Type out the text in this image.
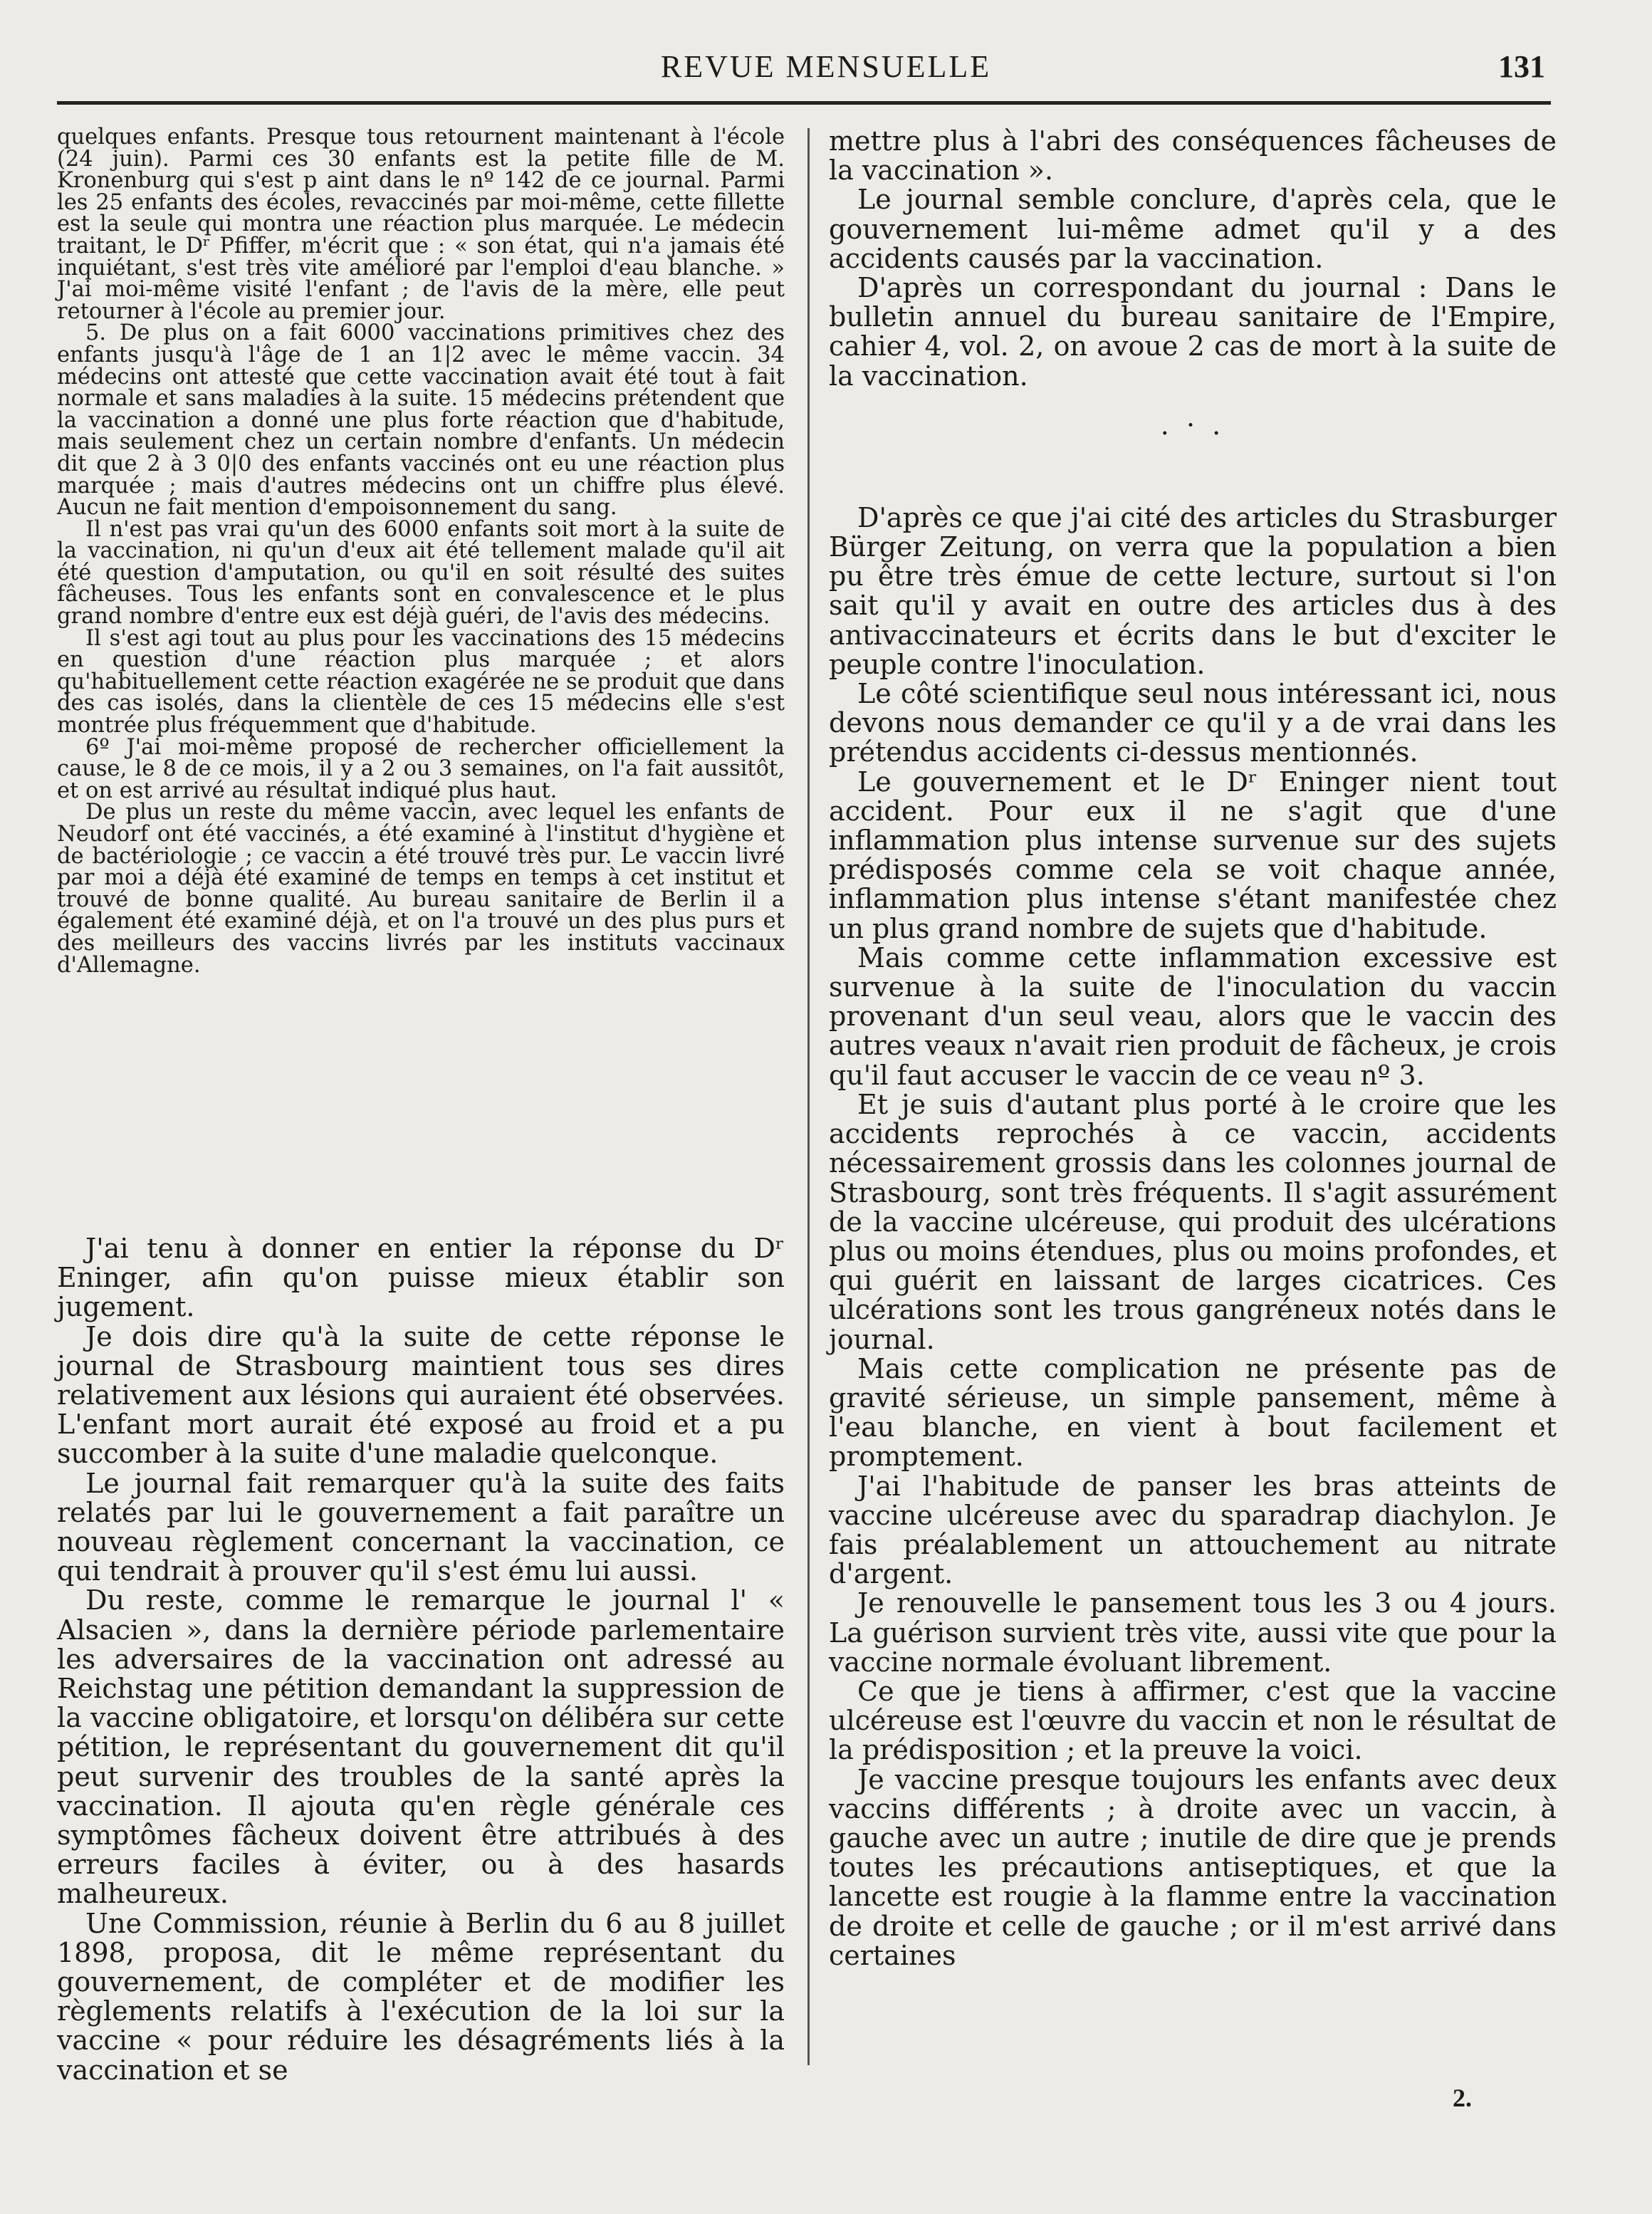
REVUE MENSUELLE	131

quelques enfants. Presque tous retournent maintenant à l'école (24 juin). Parmi ces 30 enfants est la petite fille de M. Kronenburg qui s'est p aint dans le nº 142 de ce journal. Parmi les 25 enfants des écoles, revaccinés par moi-même, cette fillette est la seule qui montra une réaction plus marquée. Le médecin traitant, le Dʳ Pfiffer, m'écrit que : « son état, qui n'a jamais été inquiétant, s'est très vite amélioré par l'emploi d'eau blanche. » J'ai moi-même visité l'enfant ; de l'avis de la mère, elle peut retourner à l'école au premier jour.

5. De plus on a fait 6000 vaccinations primitives chez des enfants jusqu'à l'âge de 1 an 1|2 avec le même vaccin. 34 médecins ont attesté que cette vaccination avait été tout à fait normale et sans maladies à la suite. 15 médecins prétendent que la vaccination a donné une plus forte réaction que d'habitude, mais seulement chez un certain nombre d'enfants. Un médecin dit que 2 à 3 0|0 des enfants vaccinés ont eu une réaction plus marquée ; mais d'autres médecins ont un chiffre plus élevé. Aucun ne fait mention d'empoisonnement du sang.

Il n'est pas vrai qu'un des 6000 enfants soit mort à la suite de la vaccination, ni qu'un d'eux ait été tellement malade qu'il ait été question d'amputation, ou qu'il en soit résulté des suites fâcheuses. Tous les enfants sont en convalescence et le plus grand nombre d'entre eux est déjà guéri, de l'avis des médecins.

Il s'est agi tout au plus pour les vaccinations des 15 médecins en question d'une réaction plus marquée ; et alors qu'habituellement cette réaction exagérée ne se produit que dans des cas isolés, dans la clientèle de ces 15 médecins elle s'est montrée plus fréquemment que d'habitude.

6º J'ai moi-même proposé de rechercher officiellement la cause, le 8 de ce mois, il y a 2 ou 3 semaines, on l'a fait aussitôt, et on est arrivé au résultat indiqué plus haut.

De plus un reste du même vaccin, avec lequel les enfants de Neudorf ont été vaccinés, a été examiné à l'institut d'hygiène et de bactériologie ; ce vaccin a été trouvé très pur. Le vaccin livré par moi a déjà été examiné de temps en temps à cet institut et trouvé de bonne qualité. Au bureau sanitaire de Berlin il a également été examiné déjà, et on l'a trouvé un des plus purs et des meilleurs des vaccins livrés par les instituts vaccinaux d'Allemagne.

J'ai tenu à donner en entier la réponse du Dʳ Eninger, afin qu'on puisse mieux établir son jugement.

Je dois dire qu'à la suite de cette réponse le journal de Strasbourg maintient tous ses dires relativement aux lésions qui auraient été observées. L'enfant mort aurait été exposé au froid et a pu succomber à la suite d'une maladie quelconque.

Le journal fait remarquer qu'à la suite des faits relatés par lui le gouvernement a fait paraître un nouveau règlement concernant la vaccination, ce qui tendrait à prouver qu'il s'est ému lui aussi.

Du reste, comme le remarque le journal l' « Alsacien », dans la dernière période parlementaire les adversaires de la vaccination ont adressé au Reichstag une pétition demandant la suppression de la vaccine obligatoire, et lorsqu'on délibéra sur cette pétition, le représentant du gouvernement dit qu'il peut survenir des troubles de la santé après la vaccination. Il ajouta qu'en règle générale ces symptômes fâcheux doivent être attribués à des erreurs faciles à éviter, ou à des hasards malheureux.

Une Commission, réunie à Berlin du 6 au 8 juillet 1898, proposa, dit le même représentant du gouvernement, de compléter et de modifier les règlements relatifs à l'exécution de la loi sur la vaccine « pour réduire les désagréments liés à la vaccination et se

mettre plus à l'abri des conséquences fâcheuses de la vaccination ».

Le journal semble conclure, d'après cela, que le gouvernement lui-même admet qu'il y a des accidents causés par la vaccination.

D'après un correspondant du journal : Dans le bulletin annuel du bureau sanitaire de l'Empire, cahier 4, vol. 2, on avoue 2 cas de mort à la suite de la vaccination.

. · .

D'après ce que j'ai cité des articles du Strasburger Bürger Zeitung, on verra que la population a bien pu être très émue de cette lecture, surtout si l'on sait qu'il y avait en outre des articles dus à des antivaccinateurs et écrits dans le but d'exciter le peuple contre l'inoculation.

Le côté scientifique seul nous intéressant ici, nous devons nous demander ce qu'il y a de vrai dans les prétendus accidents ci-dessus mentionnés.

Le gouvernement et le Dʳ Eninger nient tout accident. Pour eux il ne s'agit que d'une inflammation plus intense survenue sur des sujets prédisposés comme cela se voit chaque année, inflammation plus intense s'étant manifestée chez un plus grand nombre de sujets que d'habitude.

Mais comme cette inflammation excessive est survenue à la suite de l'inoculation du vaccin provenant d'un seul veau, alors que le vaccin des autres veaux n'avait rien produit de fâcheux, je crois qu'il faut accuser le vaccin de ce veau nº 3.

Et je suis d'autant plus porté à le croire que les accidents reprochés à ce vaccin, accidents nécessairement grossis dans les colonnes journal de Strasbourg, sont très fréquents. Il s'agit assurément de la vaccine ulcéreuse, qui produit des ulcérations plus ou moins étendues, plus ou moins profondes, et qui guérit en laissant de larges cicatrices. Ces ulcérations sont les trous gangréneux notés dans le journal.

Mais cette complication ne présente pas de gravité sérieuse, un simple pansement, même à l'eau blanche, en vient à bout facilement et promptement.

J'ai l'habitude de panser les bras atteints de vaccine ulcéreuse avec du sparadrap diachylon. Je fais préalablement un attouchement au nitrate d'argent.

Je renouvelle le pansement tous les 3 ou 4 jours. La guérison survient très vite, aussi vite que pour la vaccine normale évoluant librement.

Ce que je tiens à affirmer, c'est que la vaccine ulcéreuse est l'œuvre du vaccin et non le résultat de la prédisposition ; et la preuve la voici.

Je vaccine presque toujours les enfants avec deux vaccins différents ; à droite avec un vaccin, à gauche avec un autre ; inutile de dire que je prends toutes les précautions antiseptiques, et que la lancette est rougie à la flamme entre la vaccination de droite et celle de gauche ; or il m'est arrivé dans certaines

2.
